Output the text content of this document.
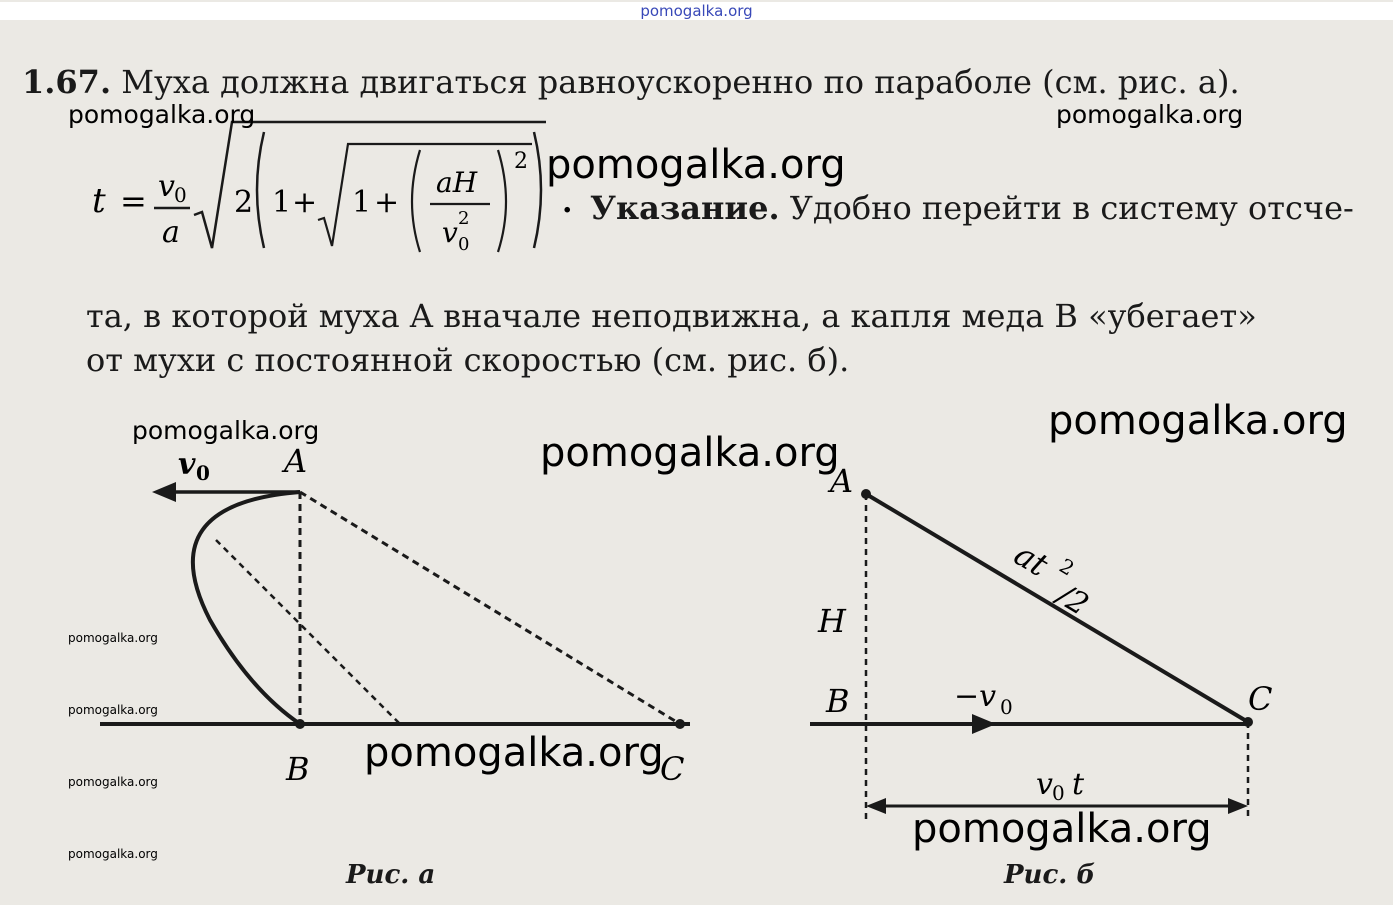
pomogalka.org
1.67. Муха должна двигаться равноускоренно по параболе (см. рис. а).
t = v 0
a
2 1 + 1 +
aH
v 0
2
2
. Указание. Удобно перейти в систему отсче-
та, в которой муха A вначале неподвижна, а капля меда B «убегает»
от мухи с постоянной скоростью (см. рис. б).
v 0 A
B	C
Рис. а
A
B	C
H
at 2
/2
−v 0
v 0 t
Рис. б
pomogalka.org	pomogalka.org
pomogalka.org
pomogalka.org
pomogalka.org	pomogalka.org
pomogalka.org
pomogalka.org
pomogalka.org
pomogalka.org
pomogalka.org
pomogalka.org
